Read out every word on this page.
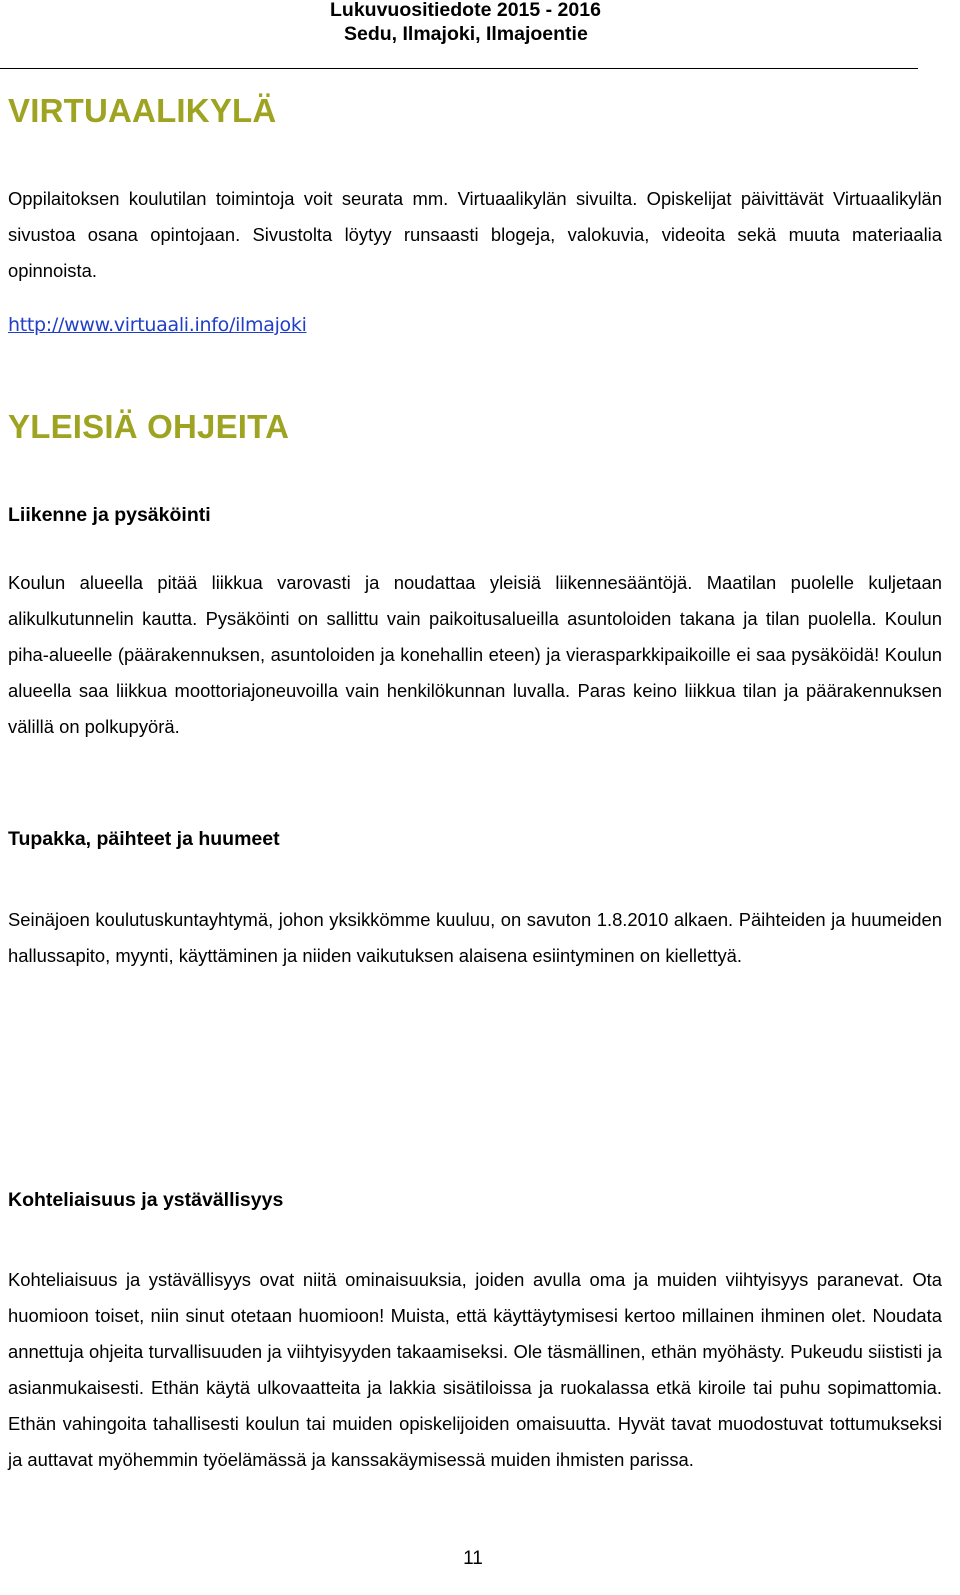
Lukuvuositiedote 2015 - 2016
Sedu, Ilmajoki, Ilmajoentie
VIRTUAALIKYLÄ
Oppilaitoksen koulutilan toimintoja voit seurata mm. Virtuaalikylän sivuilta. Opiskelijat päivittävät Virtuaalikylän sivustoa osana opintojaan. Sivustolta löytyy runsaasti blogeja, valokuvia, videoita sekä muuta materiaalia opinnoista.
http://www.virtuaali.info/ilmajoki
YLEISIÄ OHJEITA
Liikenne ja pysäköinti
Koulun alueella pitää liikkua varovasti ja noudattaa yleisiä liikennesääntöjä. Maatilan puolelle kuljetaan alikulkutunnelin kautta. Pysäköinti on sallittu vain paikoitusalueilla asuntoloiden takana ja tilan puolella. Koulun piha-alueelle (päärakennuksen, asuntoloiden ja konehallin eteen) ja vierasparkkipaikoille ei saa pysäköidä! Koulun alueella saa liikkua moottoriajoneuvoilla vain henkilökunnan luvalla. Paras keino liikkua tilan ja päärakennuksen välillä on polkupyörä.
Tupakka, päihteet ja huumeet
Seinäjoen koulutuskuntayhtymä, johon yksikkömme kuuluu, on savuton 1.8.2010 alkaen. Päihteiden ja huumeiden hallussapito, myynti, käyttäminen ja niiden vaikutuksen alaisena esiintyminen on kiellettyä.
Kohteliaisuus ja ystävällisyys
Kohteliaisuus ja ystävällisyys ovat niitä ominaisuuksia, joiden avulla oma ja muiden viihtyisyys paranevat. Ota huomioon toiset, niin sinut otetaan huomioon! Muista, että käyttäytymisesi kertoo millainen ihminen olet. Noudata annettuja ohjeita turvallisuuden ja viihtyisyyden takaamiseksi. Ole täsmällinen, ethän myöhästy. Pukeudu siististi ja asianmukaisesti. Ethän käytä ulkovaatteita ja lakkia sisätiloissa ja ruokalassa etkä kiroile tai puhu sopimattomia. Ethän vahingoita tahallisesti koulun tai muiden opiskelijoiden omaisuutta. Hyvät tavat muodostuvat tottumukseksi ja auttavat myöhemmin työelämässä ja kanssakäymisessä muiden ihmisten parissa.
11
